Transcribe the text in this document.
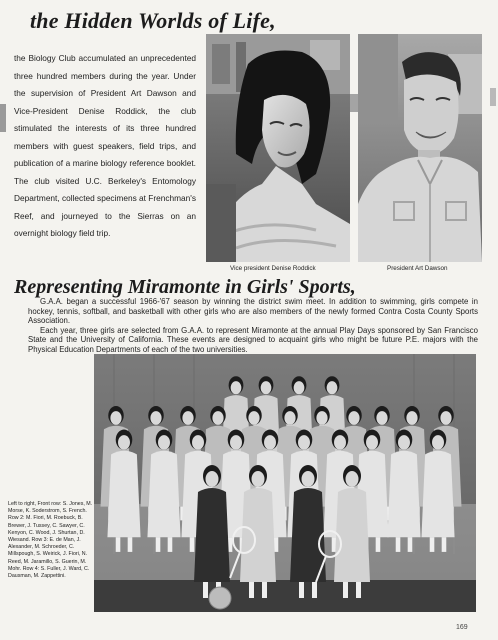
the Hidden Worlds of Life,

the Biology Club accumulated an unprecedented three hundred members during the year. Under the supervision of President Art Dawson and Vice-President Denise Roddick, the club stimulated the interests of its three hundred members with guest speakers, field trips, and publication of a marine biology reference booklet. The club visited U.C. Berkeley's Entomology Department, collected specimens at Frenchman's Reef, and journeyed to the Sierras on an overnight biology field trip.

Vice president Denise Roddick	President Art Dawson
Representing Miramonte in Girls' Sports,

G.A.A. began a successful 1966-'67 season by winning the district swim meet. In addition to swimming, girls compete in hockey, tennis, softball, and basketball with other girls who are also members of the newly formed Contra Costa County Sports Association.

Each year, three girls are selected from G.A.A. to represent Miramonte at the annual Play Days sponsored by San Francisco State and the University of California. These events are designed to acquaint girls who might be future P.E. majors with the Physical Education Departments of each of the two universities.

Left to right, Front row: S. Jones, M. Morse, K. Soderstrom, S. French. Row 2: M. Fiori, M. Roebuck, B. Brewer, J. Tussey, C. Sawyer, C. Kenyon, C. Wood, J. Shurtan, D. Wiesand. Row 3: E. de Man, J. Alexander, M. Schroeder, C. Millspough, S. Weirick, J. Fiori, N. Reed, M. Jaramillo, S. Guerin, M. Mohr. Row 4: S. Fuller, J. Ward, C. Dausman, M. Zappettini.
169
